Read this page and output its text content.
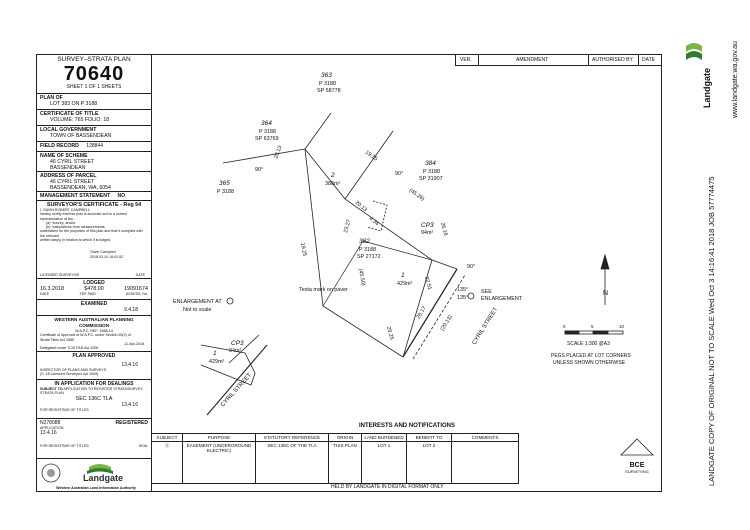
SURVEY–STRATA PLAN
70640
SHEET 1 OF 1 SHEETS
PLAN OF
LOT 383 ON P 3188
CERTIFICATE OF TITLE
VOLUME: 765 FOLIO: 18
LOCAL GOVERNMENT
TOWN OF BASSENDEAN
FIELD RECORD 128844
NAME OF SCHEME
46 CYRIL STREET
BASSENDEAN
ADDRESS OF PARCEL
46 CYRIL STREET
BASSENDEAN, WA, 6054
MANAGEMENT STATEMENT NO
SURVEYOR'S CERTIFICATE - Reg 54
I, GAVIN ROBERT CAMPBELL
hereby certify that this plan is accurate and is a correct representation of the -
(a) *survey; and/or
(b) *calculations from measurements,
undertaken for the purposes of this plan and that it complies with the relevant
written law(s) in relation to which it is lodged.
Gavin Campbell
2018.03.10 18:41:52
LICENSED SURVEYOR	DATE
LODGED
16.3.2018	$478.00	19091674
DATE	FEE PAID	ASSESS. No.
EXAMINED
9.4.18
WESTERN AUSTRALIAN PLANNING COMMISSION
W.A.P.C. REF: 1588-14
Certificate of Approval of W.A.P.C. under Section 25(2) of
Strata Titles Act 1985
11-Apr-2018
Delegated under S.16 P&D Act 2005
PLAN APPROVED
13.4.16
INSPECTOR OF PLANS AND SURVEYS
(S. 18 Licensed Surveyors Act 1909)
IN APPLICATION FOR DEALINGS
SUBJECT TO APPLICATION TO REGISTER STRATA/SURVEY-STRATA PLAN
SEC 136C TLA
13.4.16
FOR REGISTRAR OF TITLES
N278088	REGISTERED
APPLICATION
13.4.16
FOR REGISTRAR OF TITLES	SEAL
Landgate
Western Australian Land Information Authority
VER.	AMENDMENT	AUTHORISED BY DATE
363
P 3188
SP 58778
364
P 3188
SP 63769
365
P 3188
384
P 3188
SP 31907
382
P 3188
SP 27172
2
388m²
1
429m²
CP3
94m²
Texta mark on paver
ENLARGEMENT AT
Not to scale
SEE
ENLARGEMENT
CP3
94m²
1
429m²
90°
135°
135°
90°
90°
CYRIL STREET
CYRIL STREET
20.13	19.25
(45.26)
19.25
(45.50)
23.27	4.34
20.13
26.16
22.51
29.25
(20.13)
26.17
N
0	5	10
SCALE 1:300 @A3
PEGS PLACED AT LOT CORNERS
UNLESS SHOWN OTHERWISE
INTERESTS AND NOTIFICATIONS
SUBJECT	PURPOSE	STATUTORY REFERENCE	ORIGIN	LAND BURDENED	BENEFIT TO	COMMENTS
Ⓐ	EASEMENT (UNDERGROUND ELECTRIC)	SEC 136C OF THE TLA	THIS PLAN	LOT 1	LOT 2	
HELD BY LANDGATE IN DIGITAL FORMAT ONLY
BCE
SURVEYING	LANDGATE COPY OF ORIGINAL NOT TO SCALE Wed Oct 3 14:16:41 2018 JOB 57774475
www.landgate.wa.gov.au
Landgate
